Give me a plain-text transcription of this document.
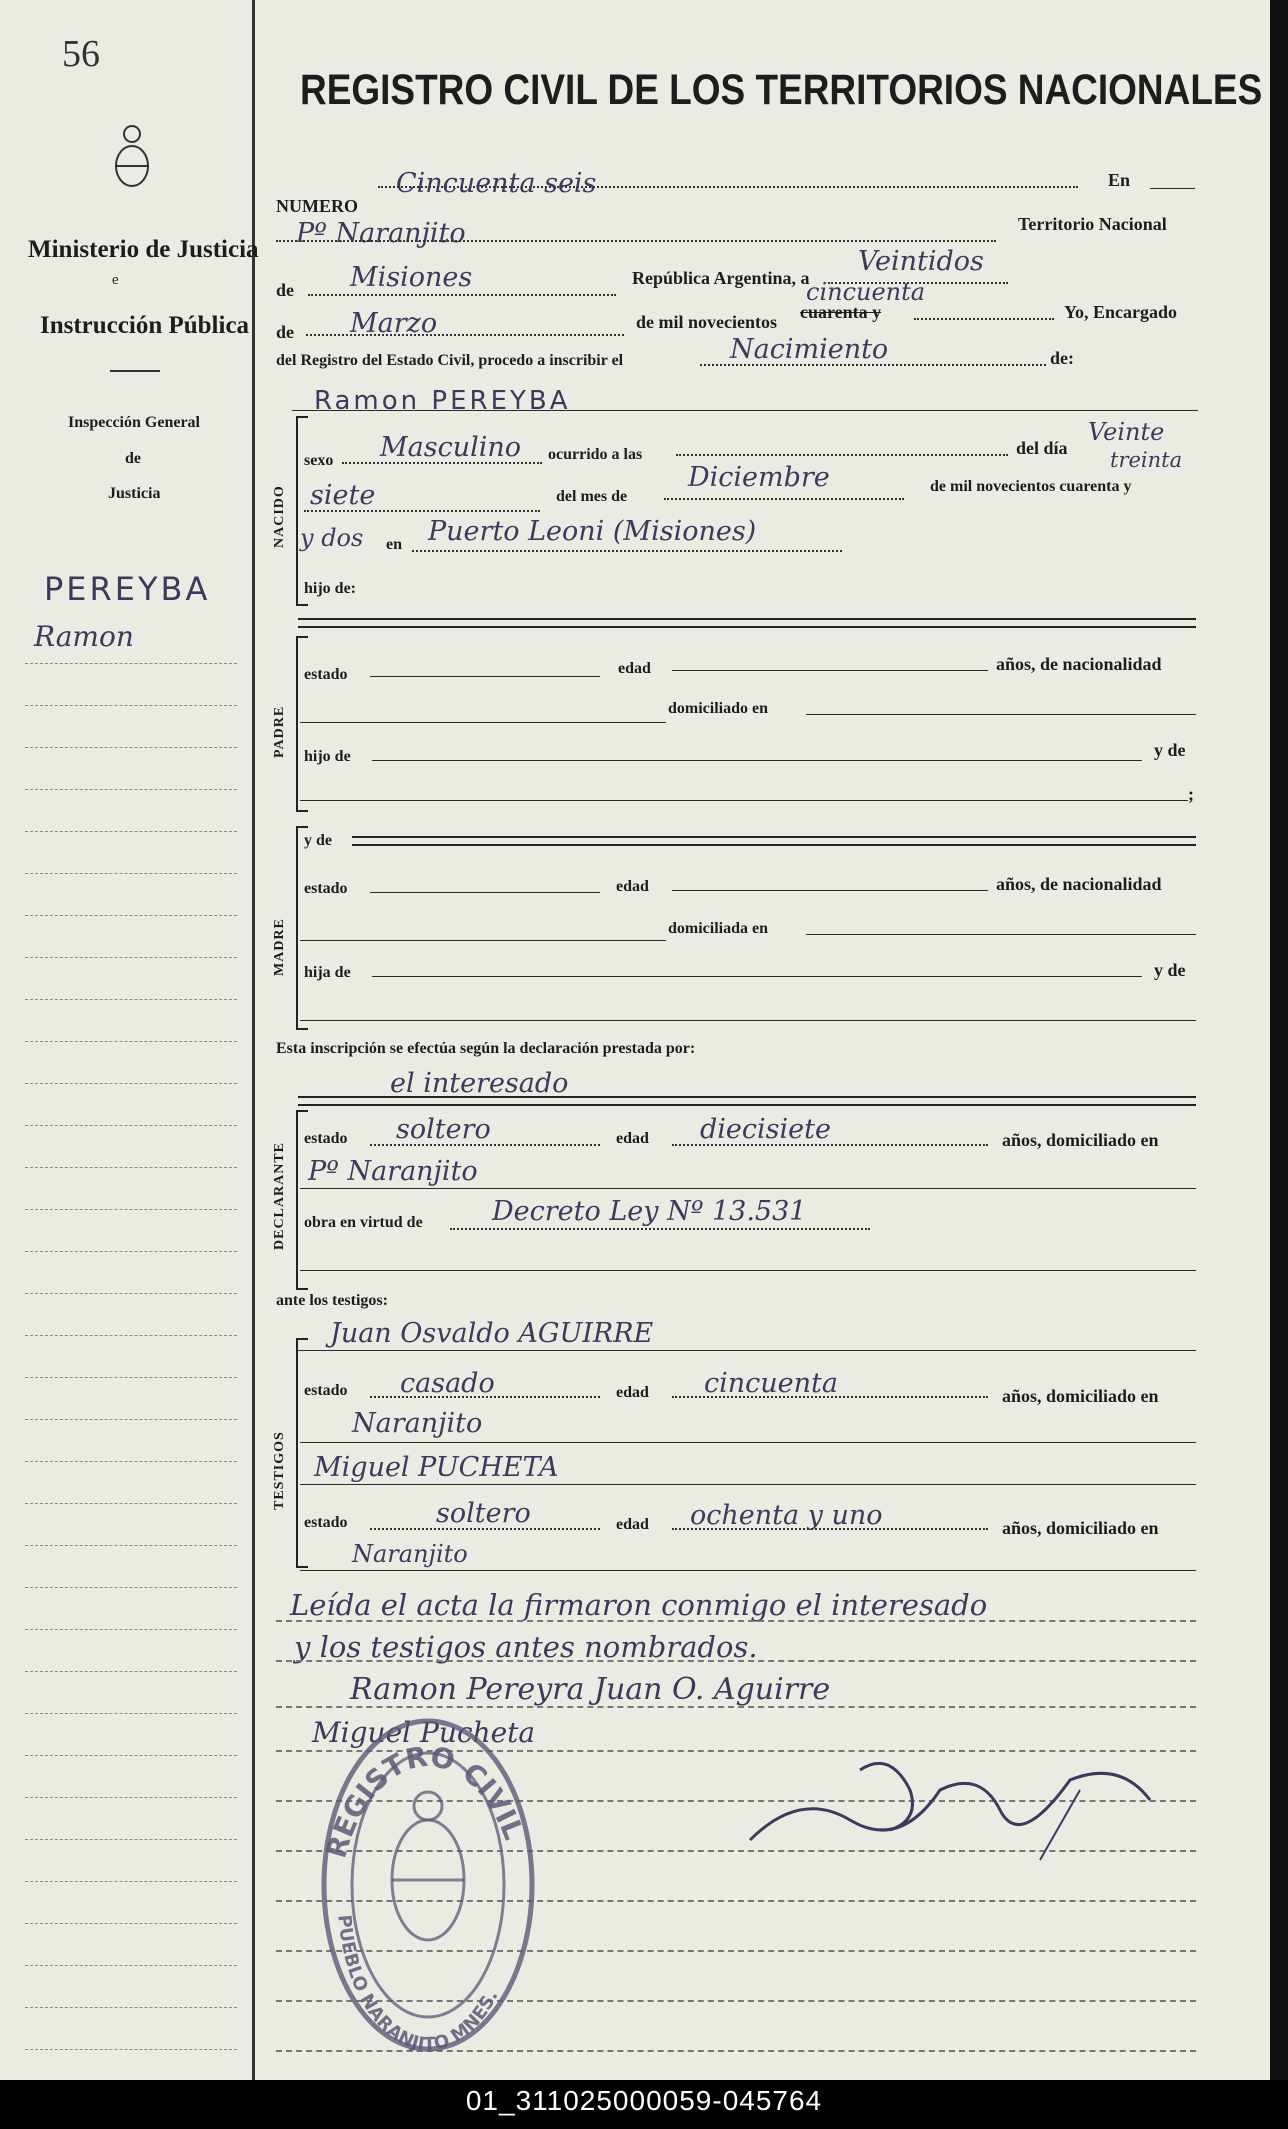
56
Ministerio de Justicia
e
Instrucción Pública
Inspección General
de
Justicia
PEREYBA
Ramon
REGISTRO CIVIL DE LOS TERRITORIOS NACIONALES
NUMERO
Cincuenta seis	En
Pº Naranjito	Territorio Nacional
de Misiones	República Argentina, a
Veintidos
de Marzo	de mil novecientos cuarenta y
cincuenta
Yo, Encargado
del Registro del Estado Civil, procedo a inscribir el	Nacimiento	de:
Ramon PEREYBA
NACIDO
sexo Masculino ocurrido a las	del día
Veinte
treinta
siete	del mes de
Diciembre	de mil novecientos cuarenta y
y dos en Puerto Leoni (Misiones)
hijo de:
PADRE
estado	edad	años, de nacionalidad
domiciliado en
hijo de	y de
;
MADRE
y de
estado	edad	años, de nacionalidad
domiciliada en
hija de	y de
Esta inscripción se efectúa según la declaración prestada por:
el interesado
DECLARANTE
estado soltero	edad diecisiete	años, domiciliado en
Pº Naranjito
obra en virtud de	Decreto Ley Nº 13.531
ante los testigos:
Juan Osvaldo AGUIRRE
TESTIGOS
estado casado	edad cincuenta	años, domiciliado en
Naranjito
Miguel PUCHETA
estado	soltero	edad ochenta y uno	años, domiciliado en
Naranjito
Leída el acta la firmaron conmigo el interesado
y los testigos antes nombrados.
Ramon Pereyra Juan O. Aguirre
Miguel Pucheta
REGISTRO CIVIL
PUEBLO NARANJITO MNES.
01_311025000059-045764
